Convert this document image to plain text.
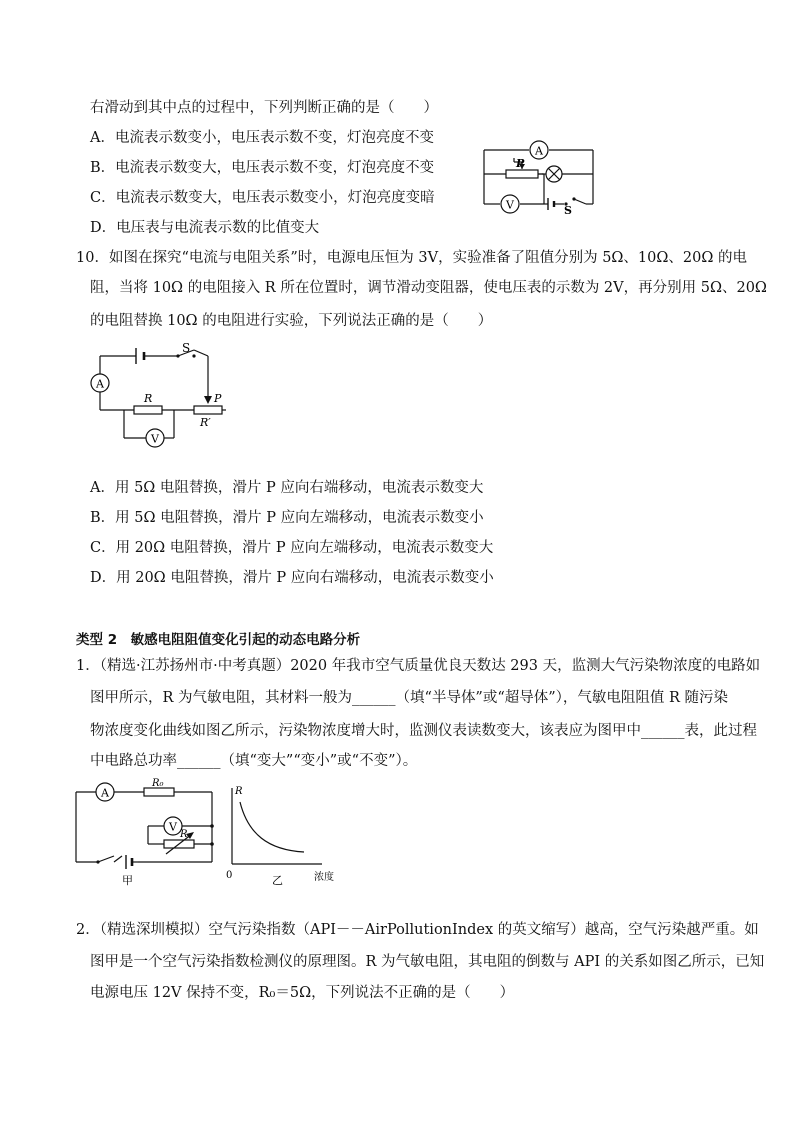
右滑动到其中点的过程中，下列判断正确的是（　　）
A．电流表示数变小，电压表示数不变，灯泡亮度不变
B．电流表示数变大，电压表示数不变，灯泡亮度不变
C．电流表示数变大，电压表示数变小，灯泡亮度变暗
D．电压表与电流表示数的比值变大
A
V
P
S
10．如图在探究“电流与电阻关系”时，电源电压恒为 3V，实验准备了阻值分别为 5Ω、10Ω、20Ω 的电
阻，当将 10Ω 的电阻接入 R 所在位置时，调节滑动变阻器，使电压表的示数为 2V，再分别用 5Ω、20Ω
的电阻替换 10Ω 的电阻进行实验，下列说法正确的是（　　）
A
V
S
R	P
R′
A．用 5Ω 电阻替换，滑片 P 应向右端移动，电流表示数变大
B．用 5Ω 电阻替换，滑片 P 应向左端移动，电流表示数变小
C．用 20Ω 电阻替换，滑片 P 应向左端移动，电流表示数变大
D．用 20Ω 电阻替换，滑片 P 应向右端移动，电流表示数变小
类型 2　敏感电阻阻值变化引起的动态电路分析
1．（精选·江苏扬州市·中考真题）2020 年我市空气质量优良天数达 293 天，监测大气污染物浓度的电路如
图甲所示，R 为气敏电阻，其材料一般为______（填“半导体”或“超导体”），气敏电阻阻值 R 随污染
物浓度变化曲线如图乙所示，污染物浓度增大时，监测仪表读数变大，该表应为图甲中______表，此过程
中电路总功率______（填“变大”“变小”或“不变”）。
A
R₀
V
R
甲
R
0	乙	浓度
2．（精选深圳模拟）空气污染指数（API－－AirPollutionIndex 的英文缩写）越高，空气污染越严重。如
图甲是一个空气污染指数检测仪的原理图。R 为气敏电阻，其电阻的倒数与 API 的关系如图乙所示，已知
电源电压 12V 保持不变，R₀＝5Ω，下列说法不正确的是（　　）
